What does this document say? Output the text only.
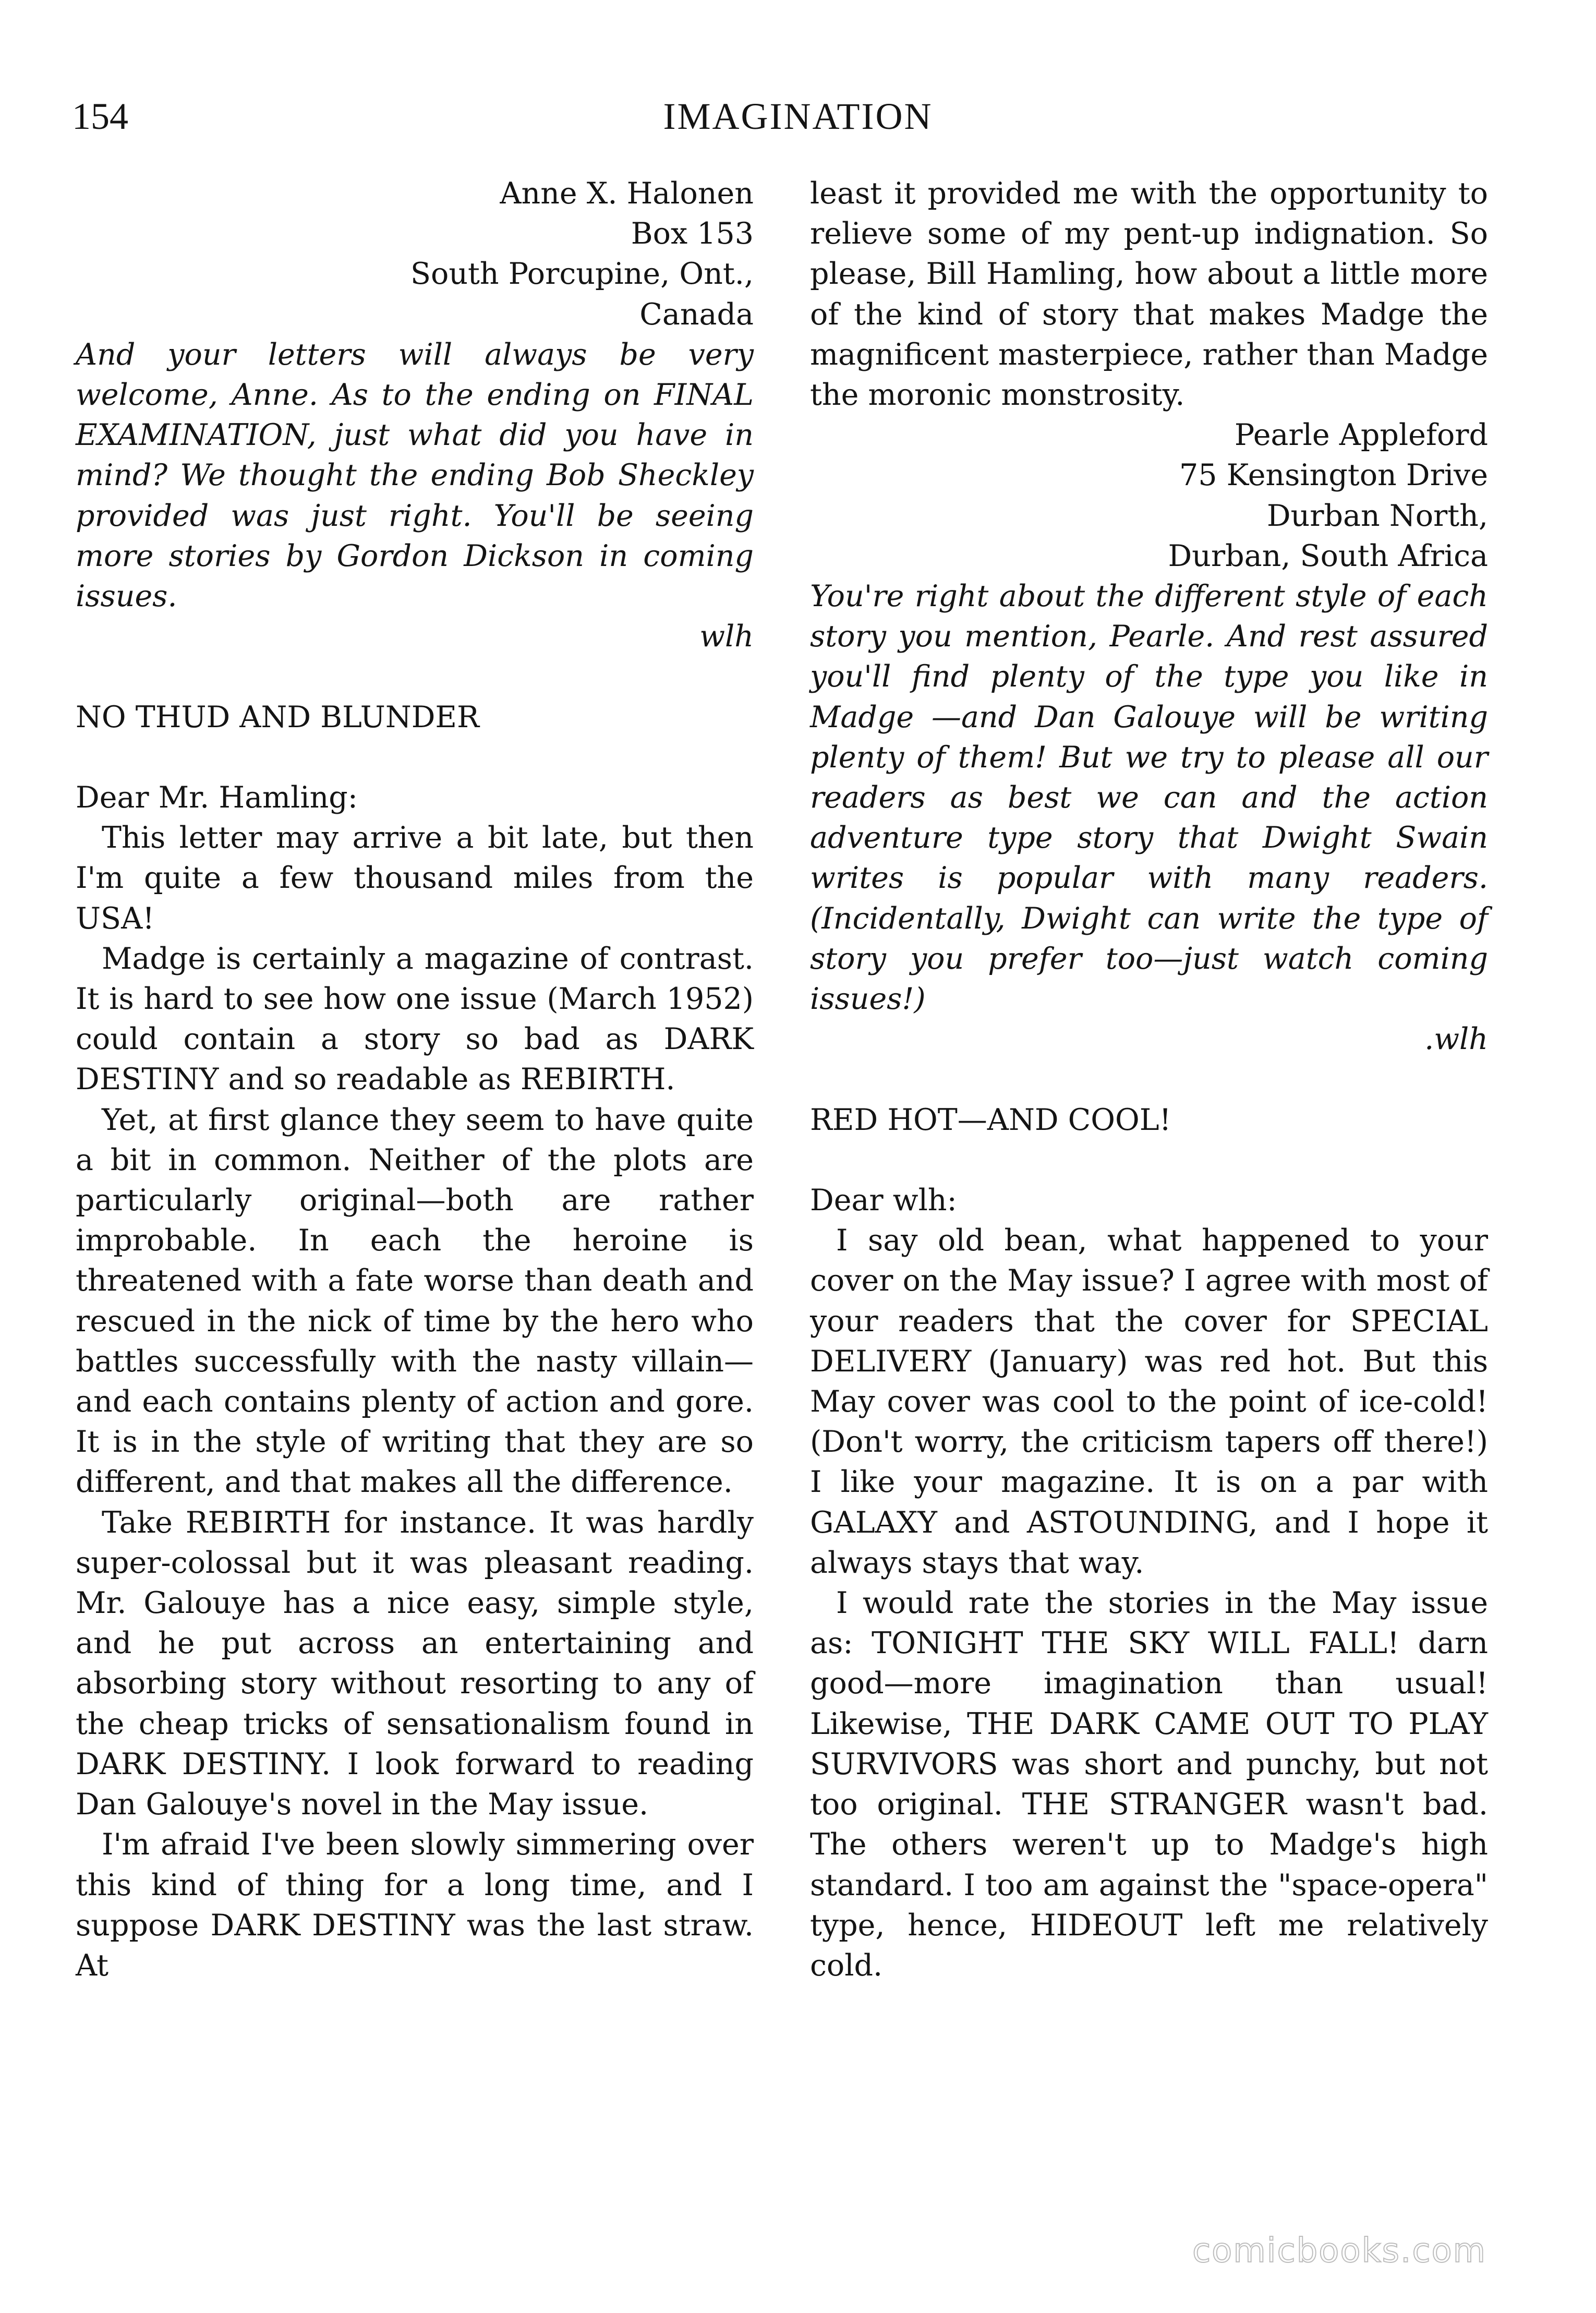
154	IMAGINATION
Anne X. Halonen
Box 153
South Porcupine, Ont.,
Canada

And your letters will always be very welcome, Anne. As to the ending on FINAL EXAMINATION, just what did you have in mind? We thought the ending Bob Sheckley provided was just right. You'll be seeing more stories by Gordon Dickson in coming issues.

wlh

NO THUD AND BLUNDER

Dear Mr. Hamling:

This letter may arrive a bit late, but then I'm quite a few thousand miles from the USA!

Madge is certainly a magazine of contrast. It is hard to see how one issue (March 1952) could contain a story so bad as DARK DESTINY and so readable as REBIRTH.

Yet, at first glance they seem to have quite a bit in common. Neither of the plots are particularly original—both are rather improbable. In each the heroine is threatened with a fate worse than death and rescued in the nick of time by the hero who battles successfully with the nasty villain—and each contains plenty of action and gore. It is in the style of writing that they are so different, and that makes all the difference.

Take REBIRTH for instance. It was hardly super-colossal but it was pleasant reading. Mr. Galouye has a nice easy, simple style, and he put across an entertaining and absorbing story without resorting to any of the cheap tricks of sensationalism found in DARK DESTINY. I look forward to reading Dan Galouye's novel in the May issue.

I'm afraid I've been slowly simmering over this kind of thing for a long time, and I suppose DARK DESTINY was the last straw. At

least it provided me with the opportunity to relieve some of my pent-up indignation. So please, Bill Hamling, how about a little more of the kind of story that makes Madge the magnificent masterpiece, rather than Madge the moronic monstrosity.

Pearle Appleford
75 Kensington Drive
Durban North,
Durban, South Africa

You're right about the different style of each story you mention, Pearle. And rest assured you'll find plenty of the type you like in Madge —and Dan Galouye will be writing plenty of them! But we try to please all our readers as best we can and the action adventure type story that Dwight Swain writes is popular with many readers. (Incidentally, Dwight can write the type of story you prefer too—just watch coming issues!)

.wlh

RED HOT—AND COOL!

Dear wlh:

I say old bean, what happened to your cover on the May issue? I agree with most of your readers that the cover for SPECIAL DELIVERY (January) was red hot. But this May cover was cool to the point of ice-cold! (Don't worry, the criticism tapers off there!) I like your magazine. It is on a par with GALAXY and ASTOUNDING, and I hope it always stays that way.

I would rate the stories in the May issue as: TONIGHT THE SKY WILL FALL! darn good—more imagination than usual! Likewise, THE DARK CAME OUT TO PLAY SURVIVORS was short and punchy, but not too original. THE STRANGER wasn't bad. The others weren't up to Madge's high standard. I too am against the "space-opera" type, hence, HIDEOUT left me relatively cold.

comicbooks.com
